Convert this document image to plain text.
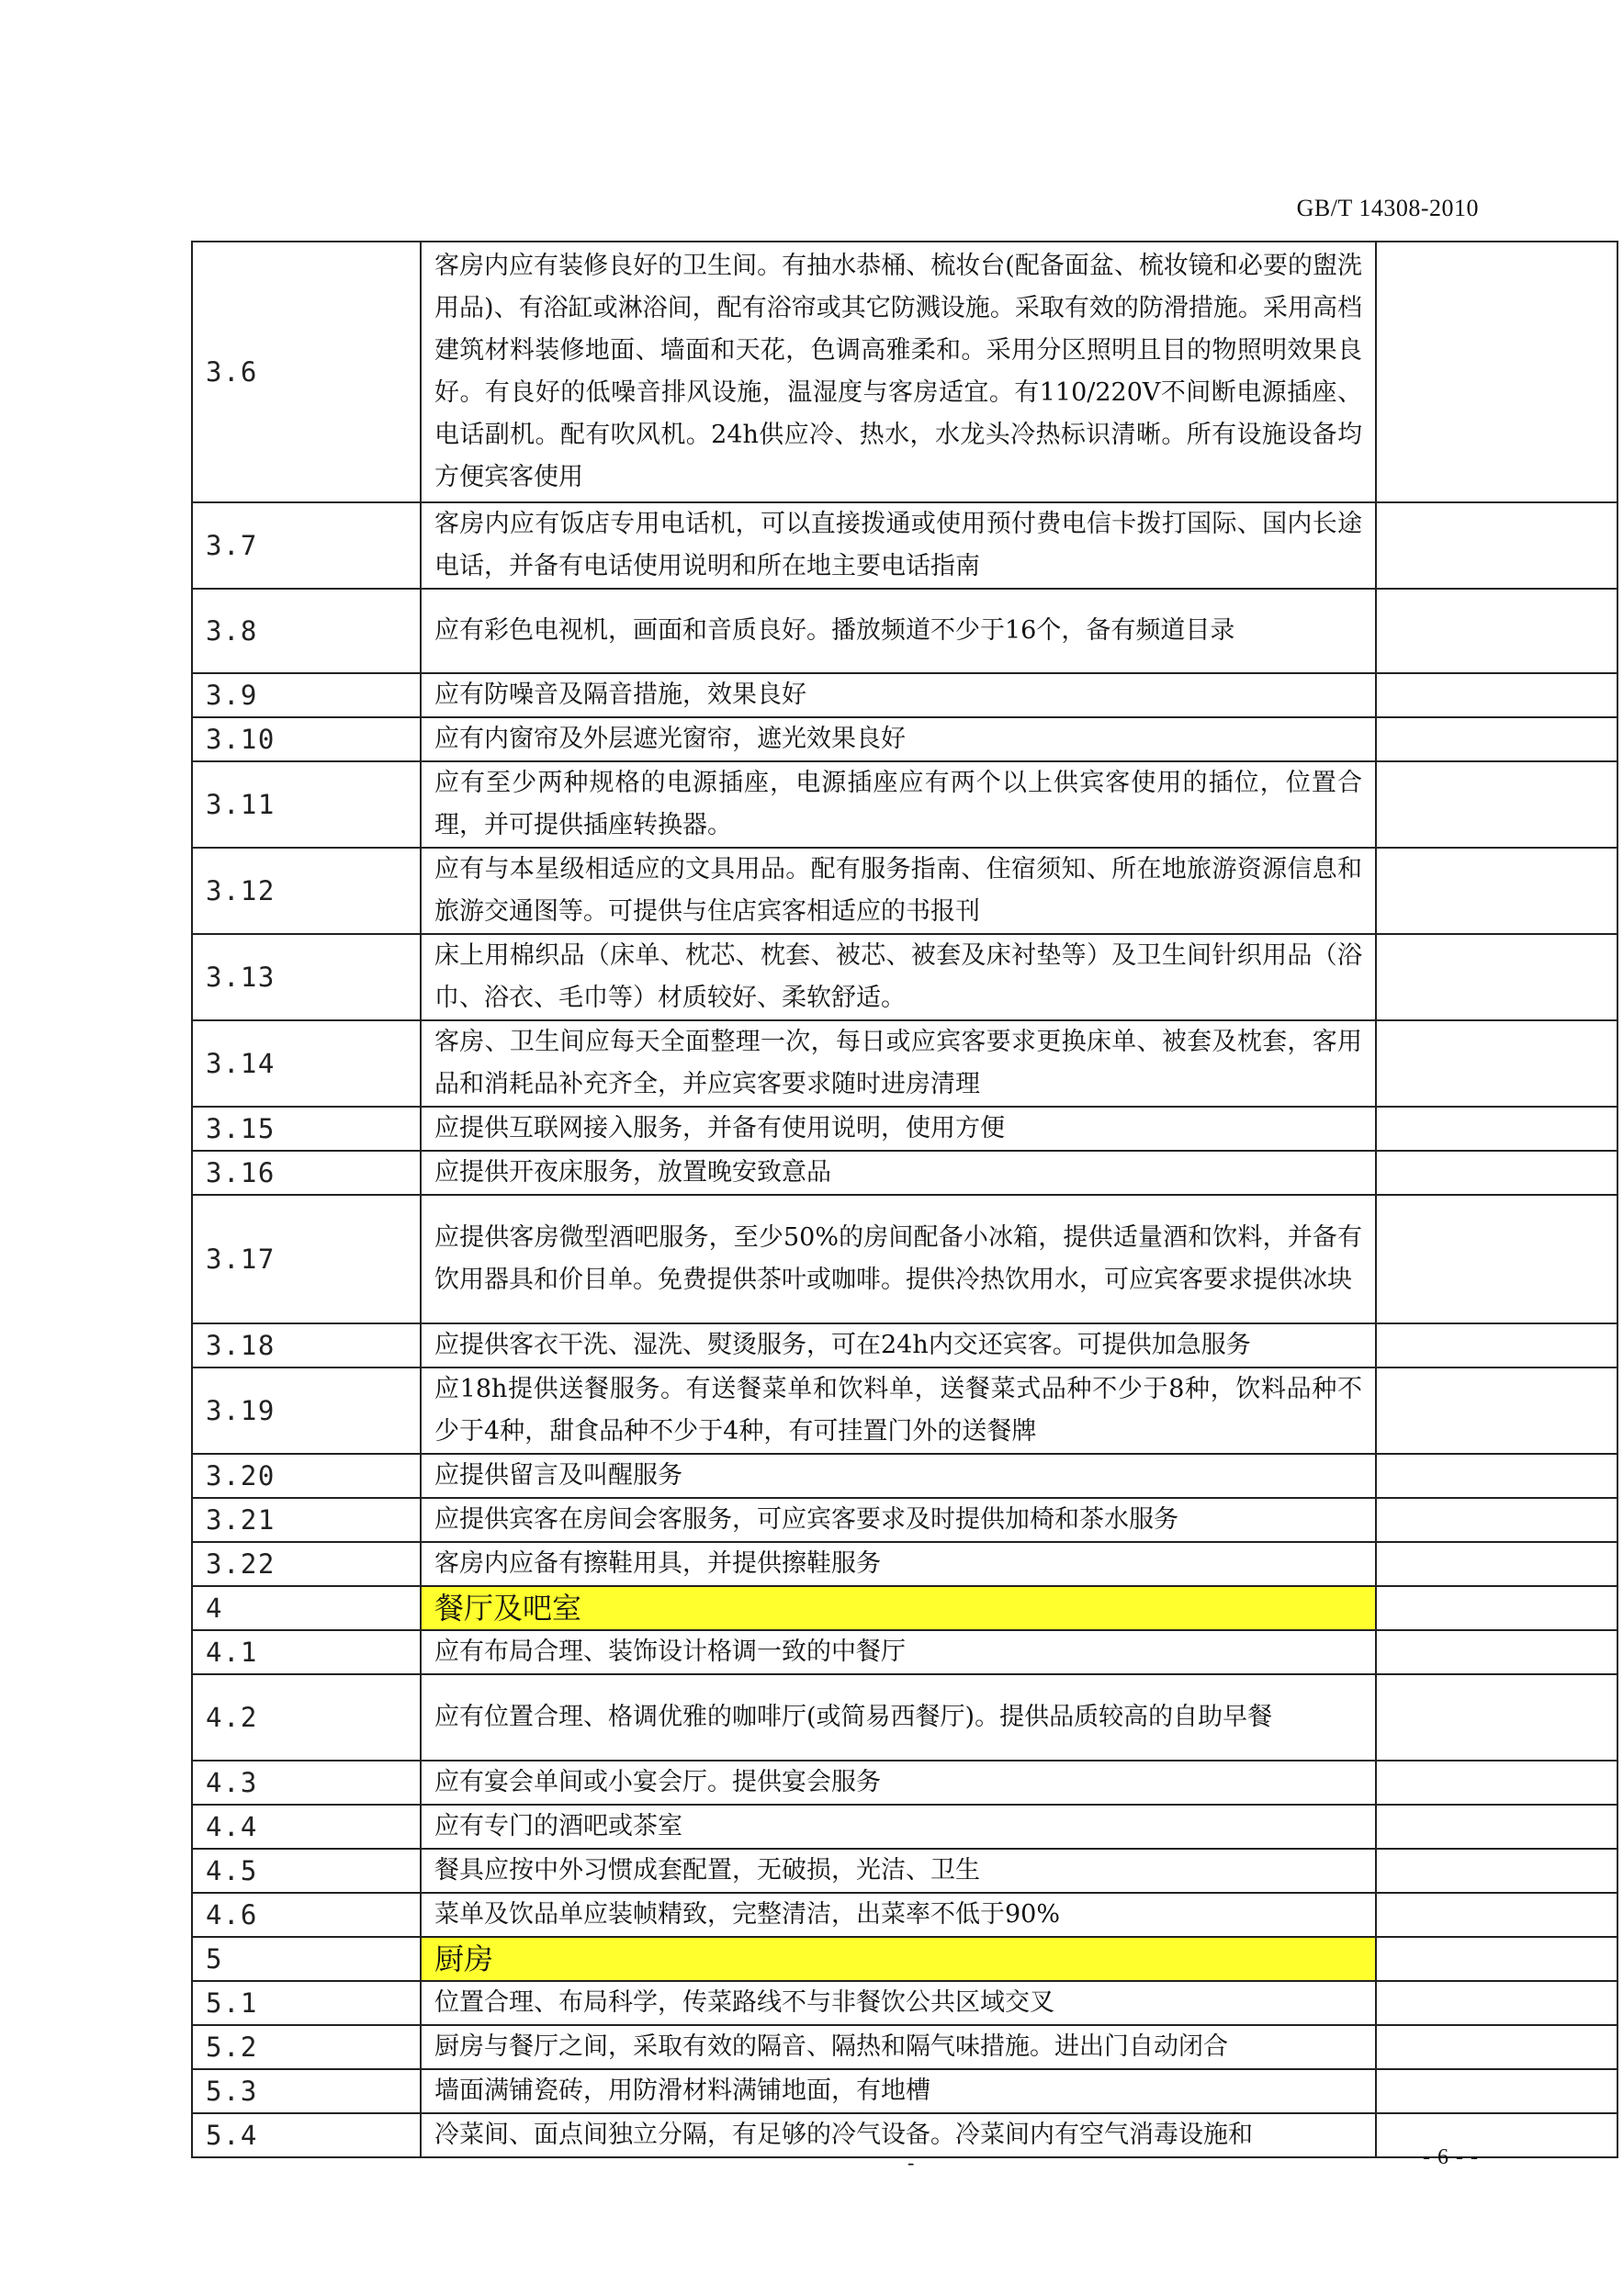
GB/T 14308-2010
3.6	客房内应有装修良好的卫生间。有抽水恭桶、梳妆台(配备面盆、梳妆镜和必要的盥洗用品)、有浴缸或淋浴间，配有浴帘或其它防溅设施。采取有效的防滑措施。采用高档建筑材料装修地面、墙面和天花，色调高雅柔和。采用分区照明且目的物照明效果良好。有良好的低噪音排风设施，温湿度与客房适宜。有110/220V不间断电源插座、电话副机。配有吹风机。24h供应冷、热水，水龙头冷热标识清晰。所有设施设备均方便宾客使用	
3.7	客房内应有饭店专用电话机，可以直接拨通或使用预付费电信卡拨打国际、国内长途电话，并备有电话使用说明和所在地主要电话指南	
3.8	应有彩色电视机，画面和音质良好。播放频道不少于16个，备有频道目录	
3.9	应有防噪音及隔音措施，效果良好	
3.10	应有内窗帘及外层遮光窗帘，遮光效果良好	
3.11	应有至少两种规格的电源插座，电源插座应有两个以上供宾客使用的插位，位置合理，并可提供插座转换器。	
3.12	应有与本星级相适应的文具用品。配有服务指南、住宿须知、所在地旅游资源信息和旅游交通图等。可提供与住店宾客相适应的书报刊	
3.13	床上用棉织品（床单、枕芯、枕套、被芯、被套及床衬垫等）及卫生间针织用品（浴巾、浴衣、毛巾等）材质较好、柔软舒适。	
3.14	客房、卫生间应每天全面整理一次，每日或应宾客要求更换床单、被套及枕套，客用品和消耗品补充齐全，并应宾客要求随时进房清理	
3.15	应提供互联网接入服务，并备有使用说明，使用方便	
3.16	应提供开夜床服务，放置晚安致意品	
3.17	应提供客房微型酒吧服务，至少50%的房间配备小冰箱，提供适量酒和饮料，并备有饮用器具和价目单。免费提供茶叶或咖啡。提供冷热饮用水，可应宾客要求提供冰块	
3.18	应提供客衣干洗、湿洗、熨烫服务，可在24h内交还宾客。可提供加急服务	
3.19	应18h提供送餐服务。有送餐菜单和饮料单，送餐菜式品种不少于8种，饮料品种不少于4种，甜食品种不少于4种，有可挂置门外的送餐牌	
3.20	应提供留言及叫醒服务	
3.21	应提供宾客在房间会客服务，可应宾客要求及时提供加椅和茶水服务	
3.22	客房内应备有擦鞋用具，并提供擦鞋服务	
4	餐厅及吧室	
4.1	应有布局合理、装饰设计格调一致的中餐厅	
4.2	应有位置合理、格调优雅的咖啡厅(或简易西餐厅)。提供品质较高的自助早餐	
4.3	应有宴会单间或小宴会厅。提供宴会服务	
4.4	应有专门的酒吧或茶室	
4.5	餐具应按中外习惯成套配置，无破损，光洁、卫生	
4.6	菜单及饮品单应装帧精致，完整清洁，出菜率不低于90%	
5	厨房	
5.1	位置合理、布局科学，传菜路线不与非餐饮公共区域交叉	
5.2	厨房与餐厅之间，采取有效的隔音、隔热和隔气味措施。进出门自动闭合	
5.3	墙面满铺瓷砖，用防滑材料满铺地面，有地槽	
5.4	冷菜间、面点间独立分隔，有足够的冷气设备。冷菜间内有空气消毒设施和	
-	- 6 - -
